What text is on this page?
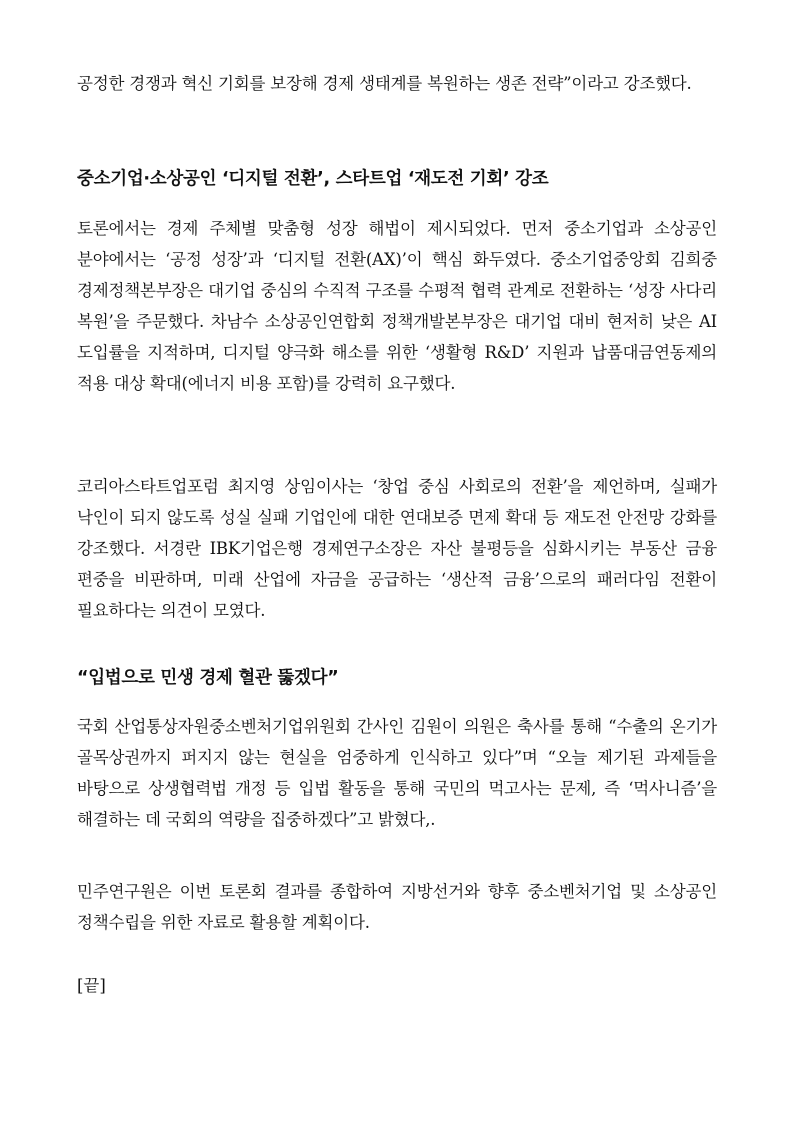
공정한 경쟁과 혁신 기회를 보장해 경제 생태계를 복원하는 생존 전략”이라고 강조했다.

중소기업·소상공인 ‘디지털 전환’, 스타트업 ‘재도전 기회’ 강조

토론에서는 경제 주체별 맞춤형 성장 해법이 제시되었다. 먼저 중소기업과 소상공인 분야에서는 ‘공정 성장’과 ‘디지털 전환(AX)’이 핵심 화두였다. 중소기업중앙회 김희중 경제정책본부장은 대기업 중심의 수직적 구조를 수평적 협력 관계로 전환하는 ‘성장 사다리 복원’을 주문했다. 차남수 소상공인연합회 정책개발본부장은 대기업 대비 현저히 낮은 AI 도입률을 지적하며, 디지털 양극화 해소를 위한 ‘생활형 R&D’ 지원과 납품대금연동제의 적용 대상 확대(에너지 비용 포함)를 강력히 요구했다.

코리아스타트업포럼 최지영 상임이사는 ‘창업 중심 사회로의 전환’을 제언하며, 실패가 낙인이 되지 않도록 성실 실패 기업인에 대한 연대보증 면제 확대 등 재도전 안전망 강화를 강조했다. 서경란 IBK기업은행 경제연구소장은 자산 불평등을 심화시키는 부동산 금융 편중을 비판하며, 미래 산업에 자금을 공급하는 ‘생산적 금융’으로의 패러다임 전환이 필요하다는 의견이 모였다.

“입법으로 민생 경제 혈관 뚫겠다”

국회 산업통상자원중소벤처기업위원회 간사인 김원이 의원은 축사를 통해 “수출의 온기가 골목상권까지 퍼지지 않는 현실을 엄중하게 인식하고 있다”며 “오늘 제기된 과제들을 바탕으로 상생협력법 개정 등 입법 활동을 통해 국민의 먹고사는 문제, 즉 ‘먹사니즘’을 해결하는 데 국회의 역량을 집중하겠다”고 밝혔다,.

민주연구원은 이번 토론회 결과를 종합하여 지방선거와 향후 중소벤처기업 및 소상공인 정책수립을 위한 자료로 활용할 계획이다.

[끝]
